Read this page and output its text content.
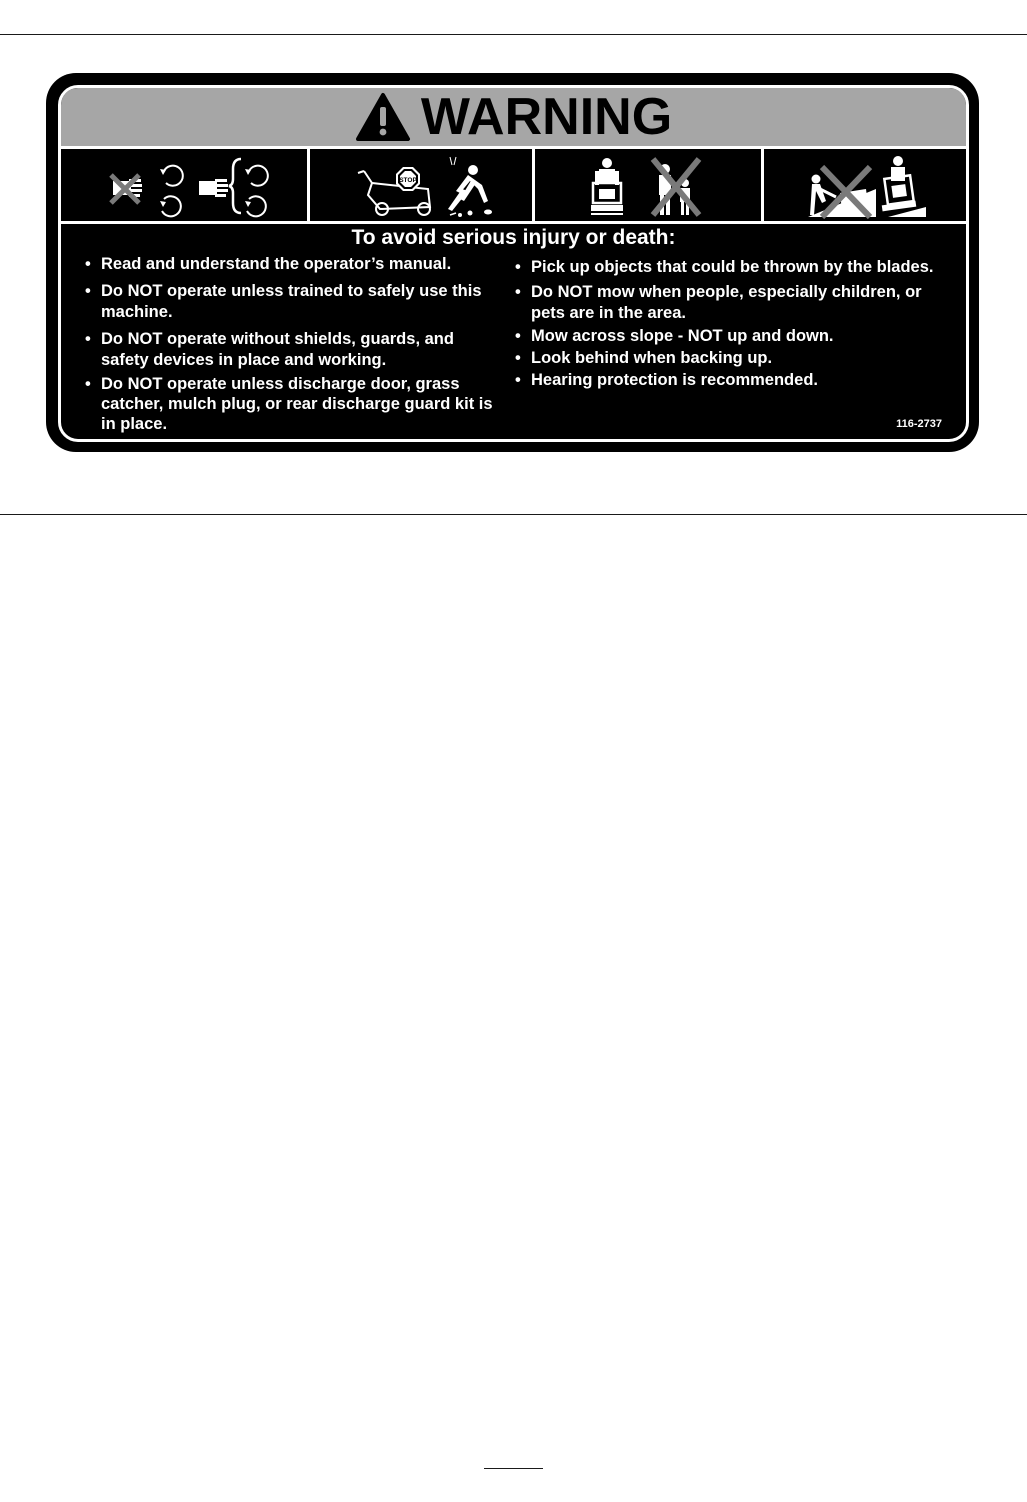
WARNING
STOP
To avoid serious injury or death:
• Read and understand the operator’s manual.
• Do NOT operate unless trained to safely use this machine.
• Do NOT operate without shields, guards, and safety devices in place and working.
• Do NOT operate unless discharge door, grass catcher, mulch plug, or rear discharge guard kit is in place.
• Pick up objects that could be thrown by the blades.
• Do NOT mow when people, especially children, or pets are in the area.
• Mow across slope - NOT up and down.
• Look behind when backing up.
• Hearing protection is recommended.
116-2737
